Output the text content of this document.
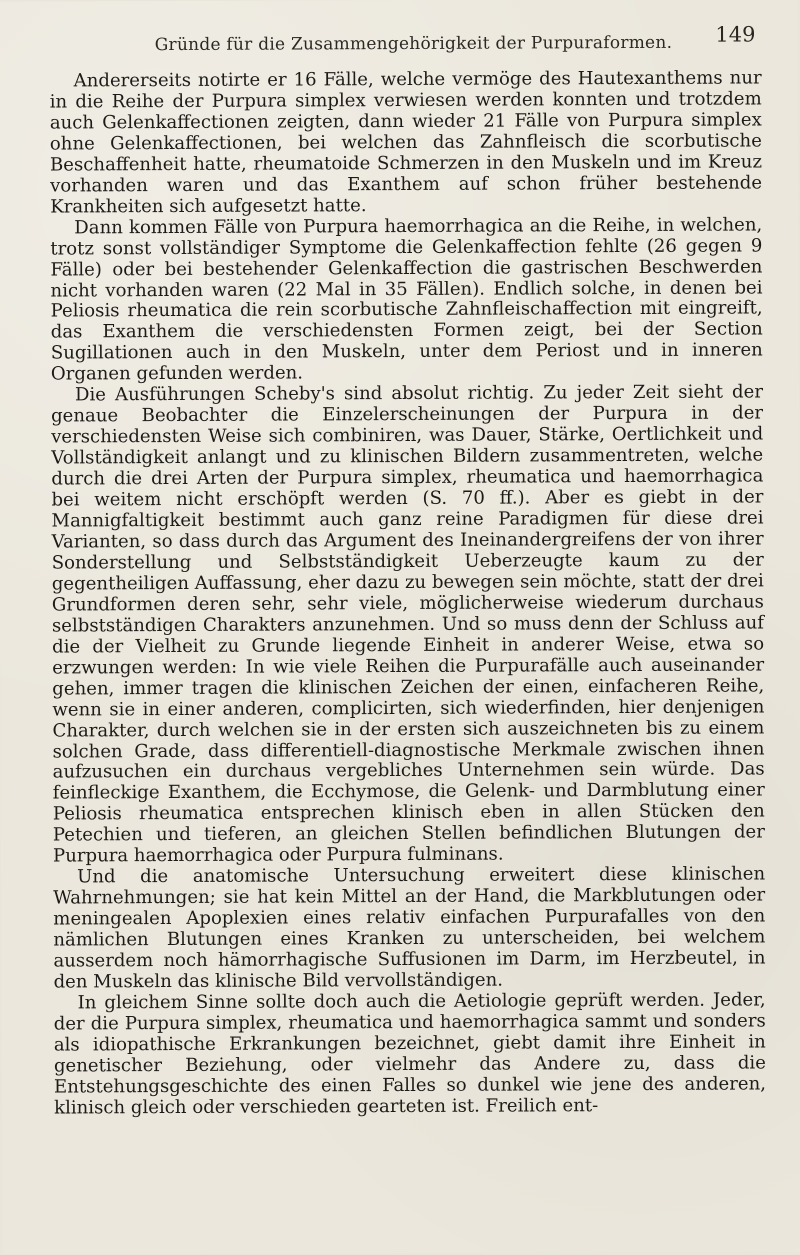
Gründe für die Zusammengehörigkeit der Purpuraformen.	149

Andererseits notirte er 16 Fälle, welche vermöge des Hautexanthems nur in die Reihe der Purpura simplex verwiesen werden konnten und trotzdem auch Gelenkaffectionen zeigten, dann wieder 21 Fälle von Purpura simplex ohne Gelenkaffectionen, bei welchen das Zahnfleisch die scorbutische Beschaffenheit hatte, rheumatoide Schmerzen in den Muskeln und im Kreuz vorhanden waren und das Exanthem auf schon früher bestehende Krankheiten sich aufgesetzt hatte.

Dann kommen Fälle von Purpura haemorrhagica an die Reihe, in welchen, trotz sonst vollständiger Symptome die Gelenkaffection fehlte (26 gegen 9 Fälle) oder bei bestehender Gelenkaffection die gastrischen Beschwerden nicht vorhanden waren (22 Mal in 35 Fällen). Endlich solche, in denen bei Peliosis rheumatica die rein scorbutische Zahnfleischaffection mit eingreift, das Exanthem die verschiedensten Formen zeigt, bei der Section Sugillationen auch in den Muskeln, unter dem Periost und in inneren Organen gefunden werden.

Die Ausführungen Scheby's sind absolut richtig. Zu jeder Zeit sieht der genaue Beobachter die Einzelerscheinungen der Purpura in der verschiedensten Weise sich combiniren, was Dauer, Stärke, Oertlichkeit und Vollständigkeit anlangt und zu klinischen Bildern zusammentreten, welche durch die drei Arten der Purpura simplex, rheumatica und haemorrhagica bei weitem nicht erschöpft werden (S. 70 ff.). Aber es giebt in der Mannigfaltigkeit bestimmt auch ganz reine Paradigmen für diese drei Varianten, so dass durch das Argument des Ineinandergreifens der von ihrer Sonderstellung und Selbstständigkeit Ueberzeugte kaum zu der gegentheiligen Auffassung, eher dazu zu bewegen sein möchte, statt der drei Grundformen deren sehr, sehr viele, möglicherweise wiederum durchaus selbstständigen Charakters anzunehmen. Und so muss denn der Schluss auf die der Vielheit zu Grunde liegende Einheit in anderer Weise, etwa so erzwungen werden: In wie viele Reihen die Purpurafälle auch auseinander gehen, immer tragen die klinischen Zeichen der einen, einfacheren Reihe, wenn sie in einer anderen, complicirten, sich wiederfinden, hier denjenigen Charakter, durch welchen sie in der ersten sich auszeichneten bis zu einem solchen Grade, dass differentiell-diagnostische Merkmale zwischen ihnen aufzusuchen ein durchaus vergebliches Unternehmen sein würde. Das feinfleckige Exanthem, die Ecchymose, die Gelenk- und Darmblutung einer Peliosis rheumatica entsprechen klinisch eben in allen Stücken den Petechien und tieferen, an gleichen Stellen befindlichen Blutungen der Purpura haemorrhagica oder Purpura fulminans.

Und die anatomische Untersuchung erweitert diese klinischen Wahrnehmungen; sie hat kein Mittel an der Hand, die Markblutungen oder meningealen Apoplexien eines relativ einfachen Purpurafalles von den nämlichen Blutungen eines Kranken zu unterscheiden, bei welchem ausserdem noch hämorrhagische Suffusionen im Darm, im Herzbeutel, in den Muskeln das klinische Bild vervollständigen.

In gleichem Sinne sollte doch auch die Aetiologie geprüft werden. Jeder, der die Purpura simplex, rheumatica und haemorrhagica sammt und sonders als idiopathische Erkrankungen bezeichnet, giebt damit ihre Einheit in genetischer Beziehung, oder vielmehr das Andere zu, dass die Entstehungsgeschichte des einen Falles so dunkel wie jene des anderen, klinisch gleich oder verschieden gearteten ist. Freilich ent-
